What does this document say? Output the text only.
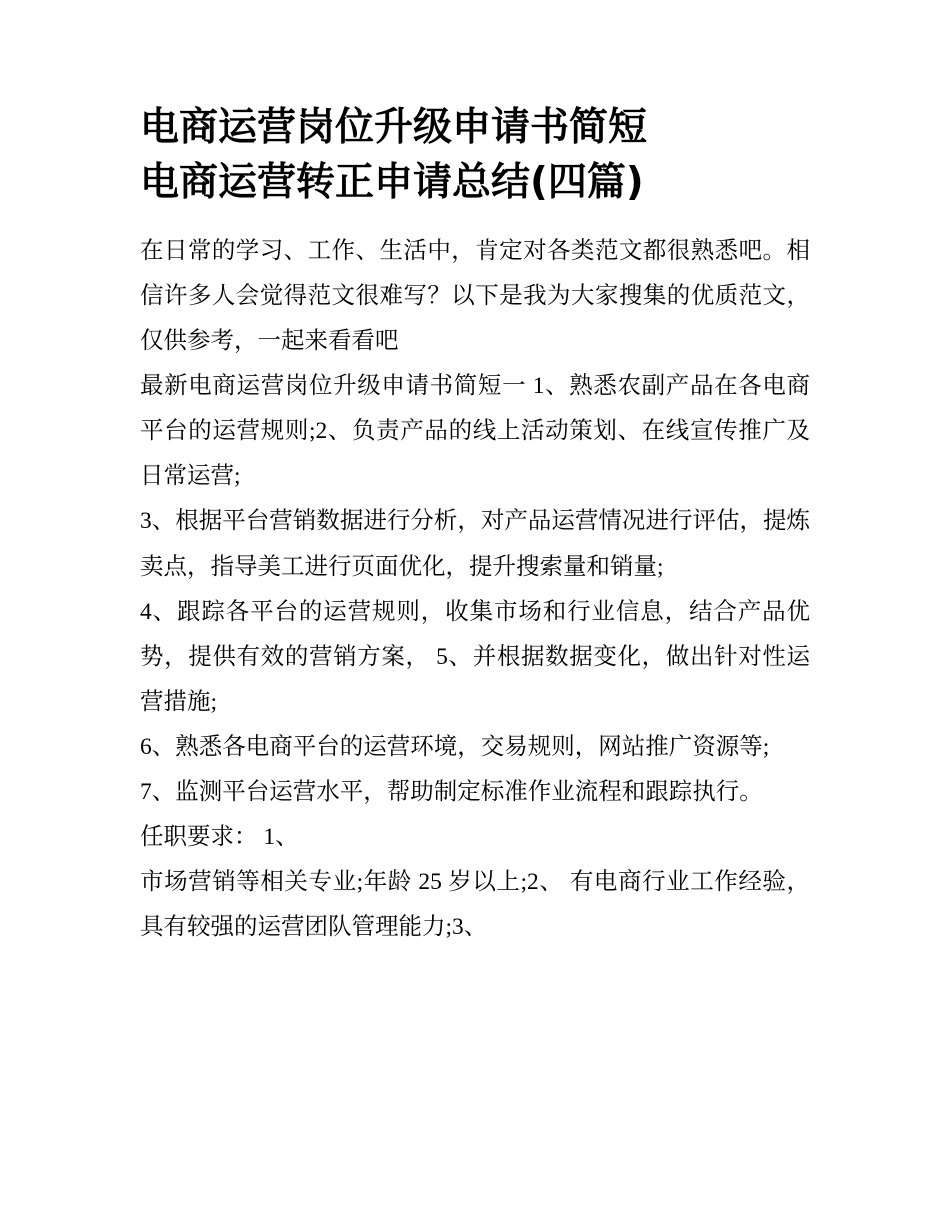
电商运营岗位升级申请书简短
电商运营转正申请总结(四篇)

在日常的学习、工作、生活中，肯定对各类范文都很熟悉吧。相信许多人会觉得范文很难写？以下是我为大家搜集的优质范文，仅供参考，一起来看看吧

最新电商运营岗位升级申请书简短一 1、熟悉农副产品在各电商平台的运营规则;2、负责产品的线上活动策划、在线宣传推广及日常运营;

3、根据平台营销数据进行分析，对产品运营情况进行评估，提炼卖点，指导美工进行页面优化，提升搜索量和销量;

4、跟踪各平台的运营规则，收集市场和行业信息，结合产品优势，提供有效的营销方案， 5、并根据数据变化，做出针对性运营措施;

6、熟悉各电商平台的运营环境，交易规则，网站推广资源等;

7、监测平台运营水平，帮助制定标准作业流程和跟踪执行。

任职要求： 1、

市场营销等相关专业;年龄 25 岁以上;2、 有电商行业工作经验，具有较强的运营团队管理能力;3、
